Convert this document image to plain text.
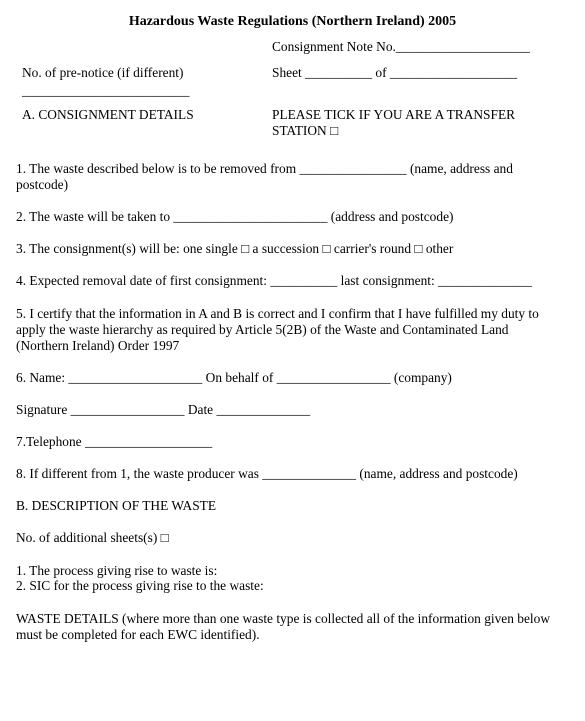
Hazardous Waste Regulations (Northern Ireland) 2005
Consignment Note No.____________________
No. of pre-notice (if different)	Sheet __________ of ___________________
_________________________
A. CONSIGNMENT DETAILS	PLEASE TICK IF YOU ARE A TRANSFER STATION □
1. The waste described below is to be removed from ________________ (name, address and postcode)
2. The waste will be taken to _______________________ (address and postcode)
3. The consignment(s) will be: one single □ a succession □ carrier's round □ other
4. Expected removal date of first consignment: __________ last consignment: ______________
5. I certify that the information in A and B is correct and I confirm that I have fulfilled my duty to apply the waste hierarchy as required by Article 5(2B) of the Waste and Contaminated Land (Northern Ireland) Order 1997
6. Name: ____________________ On behalf of _________________ (company)
Signature _________________ Date ______________
7.Telephone ___________________
8. If different from 1, the waste producer was ______________ (name, address and postcode)
B. DESCRIPTION OF THE WASTE
No. of additional sheets(s) □
1. The process giving rise to waste is:
2. SIC for the process giving rise to the waste:
WASTE DETAILS (where more than one waste type is collected all of the information given below must be completed for each EWC identified).
